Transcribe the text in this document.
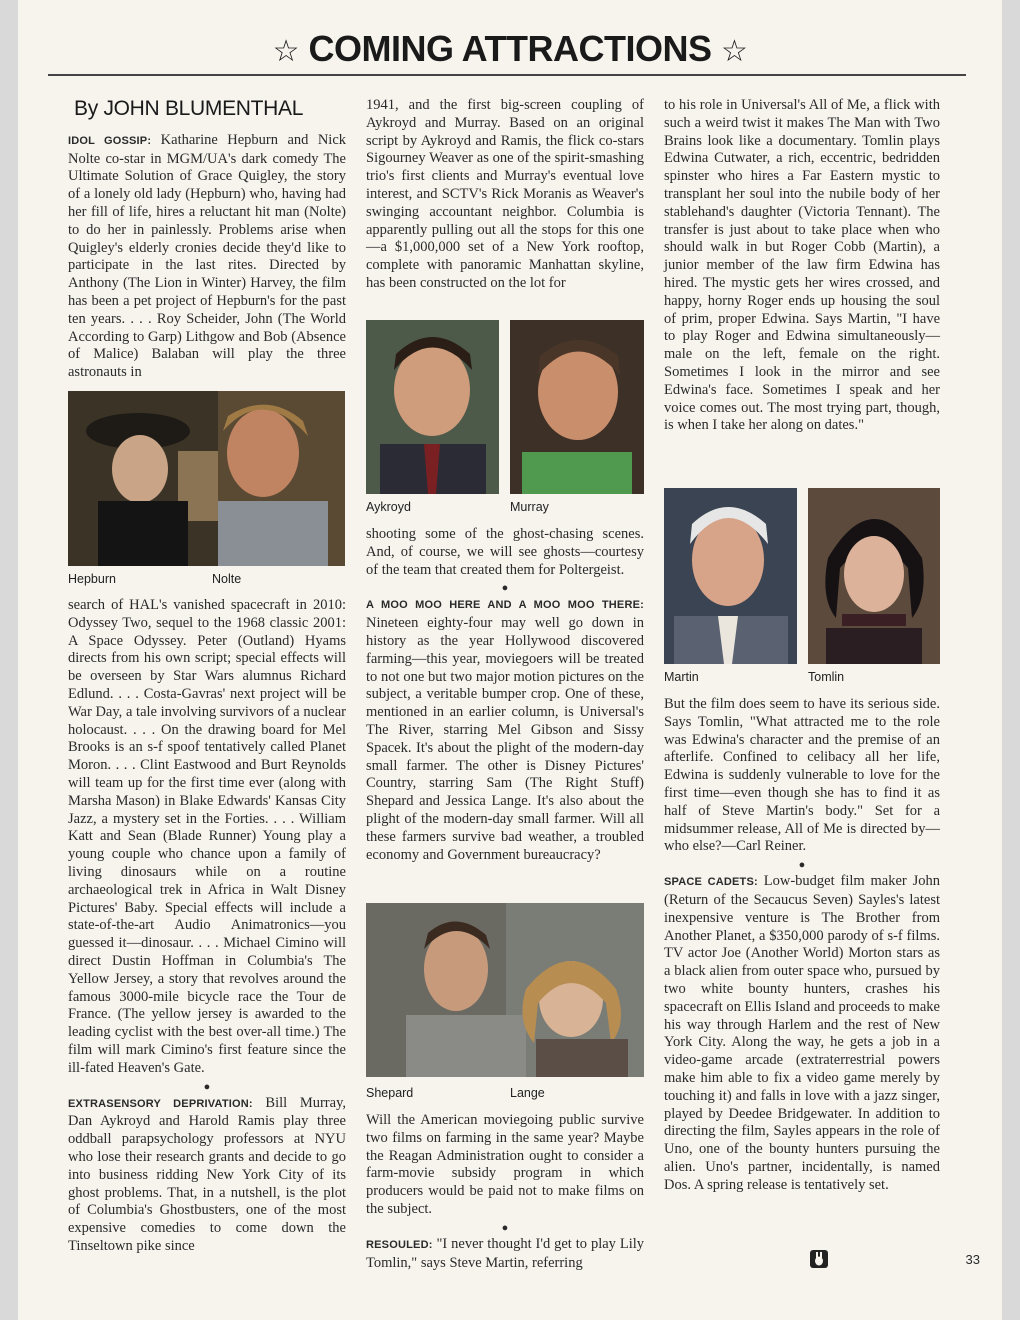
☆ COMING ATTRACTIONS ☆
By JOHN BLUMENTHAL

IDOL GOSSIP: Katharine Hepburn and Nick Nolte co-star in MGM/UA's dark comedy The Ultimate Solution of Grace Quigley, the story of a lonely old lady (Hepburn) who, having had her fill of life, hires a reluctant hit man (Nolte) to do her in painlessly. Problems arise when Quigley's elderly cronies decide they'd like to participate in the last rites. Directed by Anthony (The Lion in Winter) Harvey, the film has been a pet project of Hepburn's for the past ten years. . . . Roy Scheider, John (The World According to Garp) Lithgow and Bob (Absence of Malice) Balaban will play the three astronauts in

Hepburn	Nolte

search of HAL's vanished spacecraft in 2010: Odyssey Two, sequel to the 1968 classic 2001: A Space Odyssey. Peter (Outland) Hyams directs from his own script; special effects will be overseen by Star Wars alumnus Richard Edlund. . . . Costa-Gavras' next project will be War Day, a tale involving survivors of a nuclear holocaust. . . . On the drawing board for Mel Brooks is an s-f spoof tentatively called Planet Moron. . . . Clint Eastwood and Burt Reynolds will team up for the first time ever (along with Marsha Mason) in Blake Edwards' Kansas City Jazz, a mystery set in the Forties. . . . William Katt and Sean (Blade Runner) Young play a young couple who chance upon a family of living dinosaurs while on a routine archaeological trek in Africa in Walt Disney Pictures' Baby. Special effects will include a state-of-the-art Audio Animatronics—you guessed it—dinosaur. . . . Michael Cimino will direct Dustin Hoffman in Columbia's The Yellow Jersey, a story that revolves around the famous 3000-mile bicycle race the Tour de France. (The yellow jersey is awarded to the leading cyclist with the best over-all time.) The film will mark Cimino's first feature since the ill-fated Heaven's Gate.

●

EXTRASENSORY DEPRIVATION: Bill Murray, Dan Aykroyd and Harold Ramis play three oddball parapsychology professors at NYU who lose their research grants and decide to go into business ridding New York City of its ghost problems. That, in a nutshell, is the plot of Columbia's Ghostbusters, one of the most expensive comedies to come down the Tinseltown pike since

1941, and the first big-screen coupling of Aykroyd and Murray. Based on an original script by Aykroyd and Ramis, the flick co-stars Sigourney Weaver as one of the spirit-smashing trio's first clients and Murray's eventual love interest, and SCTV's Rick Moranis as Weaver's swinging accountant neighbor. Columbia is apparently pulling out all the stops for this one—a $1,000,000 set of a New York rooftop, complete with panoramic Manhattan skyline, has been constructed on the lot for

Aykroyd	Murray

shooting some of the ghost-chasing scenes. And, of course, we will see ghosts—courtesy of the team that created them for Poltergeist.

●

A MOO MOO HERE AND A MOO MOO THERE: Nineteen eighty-four may well go down in history as the year Hollywood discovered farming—this year, moviegoers will be treated to not one but two major motion pictures on the subject, a veritable bumper crop. One of these, mentioned in an earlier column, is Universal's The River, starring Mel Gibson and Sissy Spacek. It's about the plight of the modern-day small farmer. The other is Disney Pictures' Country, starring Sam (The Right Stuff) Shepard and Jessica Lange. It's also about the plight of the modern-day small farmer. Will all these farmers survive bad weather, a troubled economy and Government bureaucracy?

Shepard	Lange

Will the American moviegoing public survive two films on farming in the same year? Maybe the Reagan Administration ought to consider a farm-movie subsidy program in which producers would be paid not to make films on the subject.

●

RESOULED: "I never thought I'd get to play Lily Tomlin," says Steve Martin, referring

to his role in Universal's All of Me, a flick with such a weird twist it makes The Man with Two Brains look like a documentary. Tomlin plays Edwina Cutwater, a rich, eccentric, bedridden spinster who hires a Far Eastern mystic to transplant her soul into the nubile body of her stablehand's daughter (Victoria Tennant). The transfer is just about to take place when who should walk in but Roger Cobb (Martin), a junior member of the law firm Edwina has hired. The mystic gets her wires crossed, and happy, horny Roger ends up housing the soul of prim, proper Edwina. Says Martin, "I have to play Roger and Edwina simultaneously—male on the left, female on the right. Sometimes I look in the mirror and see Edwina's face. Sometimes I speak and her voice comes out. The most trying part, though, is when I take her along on dates."

Martin	Tomlin

But the film does seem to have its serious side. Says Tomlin, "What attracted me to the role was Edwina's character and the premise of an afterlife. Confined to celibacy all her life, Edwina is suddenly vulnerable to love for the first time—even though she has to find it as half of Steve Martin's body." Set for a midsummer release, All of Me is directed by—who else?—Carl Reiner.

●

SPACE CADETS: Low-budget film maker John (Return of the Secaucus Seven) Sayles's latest inexpensive venture is The Brother from Another Planet, a $350,000 parody of s-f films. TV actor Joe (Another World) Morton stars as a black alien from outer space who, pursued by two white bounty hunters, crashes his spacecraft on Ellis Island and proceeds to make his way through Harlem and the rest of New York City. Along the way, he gets a job in a video-game arcade (extraterrestrial powers make him able to fix a video game merely by touching it) and falls in love with a jazz singer, played by Deedee Bridgewater. In addition to directing the film, Sayles appears in the role of Uno, one of the bounty hunters pursuing the alien. Uno's partner, incidentally, is named Dos. A spring release is tentatively set.

33
